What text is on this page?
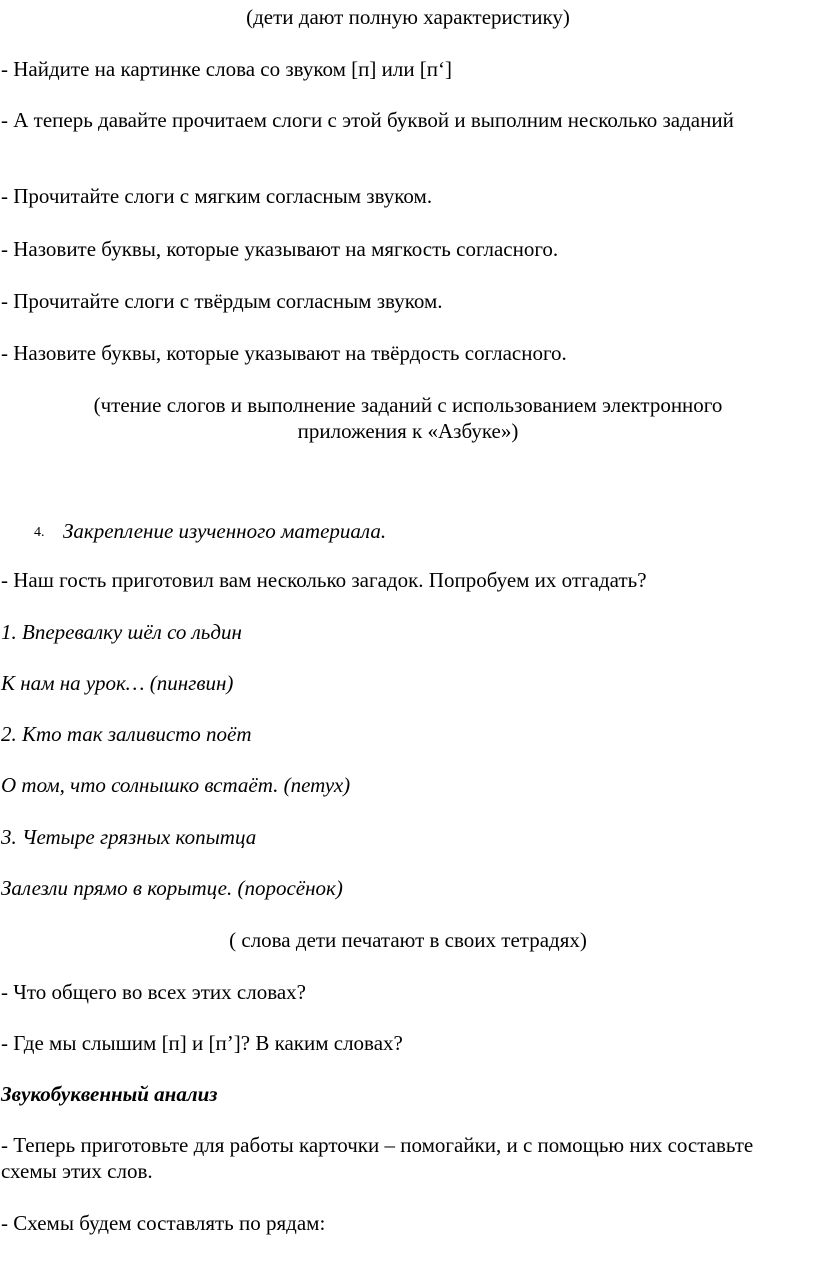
(дети дают полную характеристику)
- Найдите на картинке слова со звуком [п] или [п‘]
- А теперь давайте прочитаем слоги с этой буквой и выполним несколько заданий
- Прочитайте слоги с мягким согласным звуком.
- Назовите буквы, которые указывают на мягкость согласного.
- Прочитайте слоги с твёрдым согласным звуком.
- Назовите буквы, которые указывают на твёрдость согласного.
(чтение слогов и выполнение заданий с использованием электронного приложения к «Азбуке»)
4. Закрепление изученного материала.
- Наш гость приготовил вам несколько загадок. Попробуем их отгадать?
1. Вперевалку шёл со льдин
К нам на урок… (пингвин)
2. Кто так заливисто поёт
О том, что солнышко встаёт. (петух)
3. Четыре грязных копытца
Залезли прямо в корытце. (поросёнок)
( слова дети печатают в своих тетрадях)
- Что общего во всех этих словах?
- Где мы слышим [п] и [п’]? В каким словах?
Звукобуквенный анализ
- Теперь приготовьте для работы карточки – помогайки, и с помощью них составьте схемы этих слов.
- Схемы будем составлять по рядам:
